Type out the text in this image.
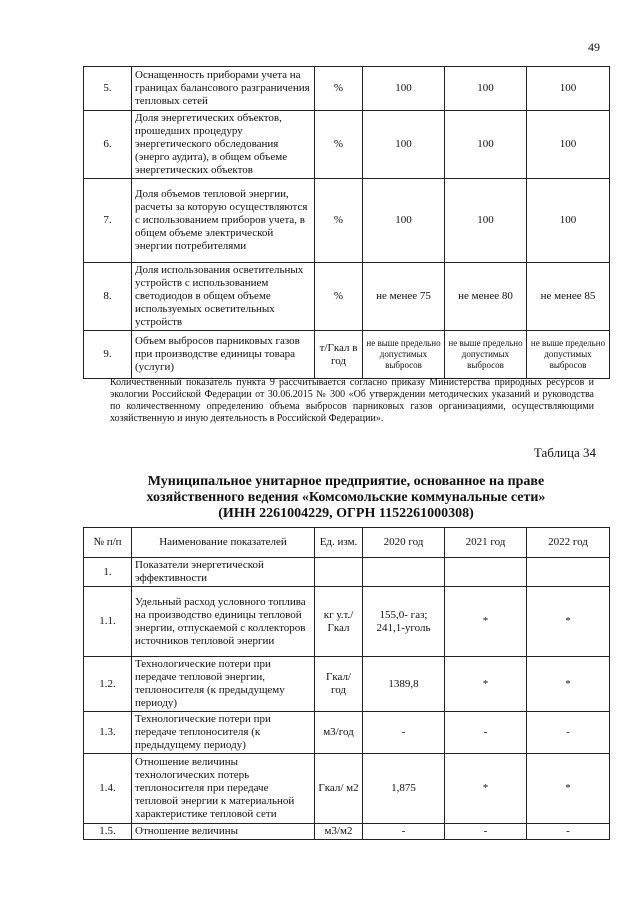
49
5.	Оснащенность приборами учета на границах балансового разграничения тепловых сетей	%	100	100	100
6.	Доля энергетических объектов, прошедших процедуру энергетического обследования (энерго аудита), в общем объеме энергетических объектов	%	100	100	100
7.	Доля объемов тепловой энергии, расчеты за которую осуществляются с использованием приборов учета, в общем объеме электрической энергии потребителями	%	100	100	100
8.	Доля использования осветительных устройств с использованием светодиодов в общем объеме используемых осветительных устройств	%	не менее 75	не менее 80	не менее 85
9.	Объем выбросов парниковых газов при производстве единицы товара (услуги)	т/Гкал в год	не выше предельно допустимых выбросов	не выше предельно допустимых выбросов	не выше предельно допустимых выбросов
Количественный показатель пункта 9 рассчитывается согласно приказу Министерства природных ресурсов и экологии Российской Федерации от 30.06.2015 № 300 «Об утверждении методических указаний и руководства по количественному определению объема выбросов парниковых газов организациями, осуществляющими хозяйственную и иную деятельность в Российской Федерации».
Таблица 34
Муниципальное унитарное предприятие, основанное на праве
хозяйственного ведения «Комсомольские коммунальные сети»
(ИНН 2261004229, ОГРН 1152261000308)
№ п/п	Наименование показателей	Ед. изм.	2020 год	2021 год	2022 год
1.	Показатели энергетической эффективности				
1.1.	Удельный расход условного топлива на производство единицы тепловой энергии, отпускаемой с коллекторов источников тепловой энергии	кг у.т./ Гкал	155,0- газ; 241,1-уголь	*	*
1.2.	Технологические потери при передаче тепловой энергии, теплоносителя (к предыдущему периоду)	Гкал/ год	1389,8	*	*
1.3.	Технологические потери при передаче теплоносителя (к предыдущему периоду)	м3/год	-	-	-
1.4.	Отношение величины технологических потерь теплоносителя при передаче тепловой энергии к материальной характеристике тепловой сети	Гкал/ м2	1,875	*	*
1.5.	Отношение величины	м3/м2	-	-	-
